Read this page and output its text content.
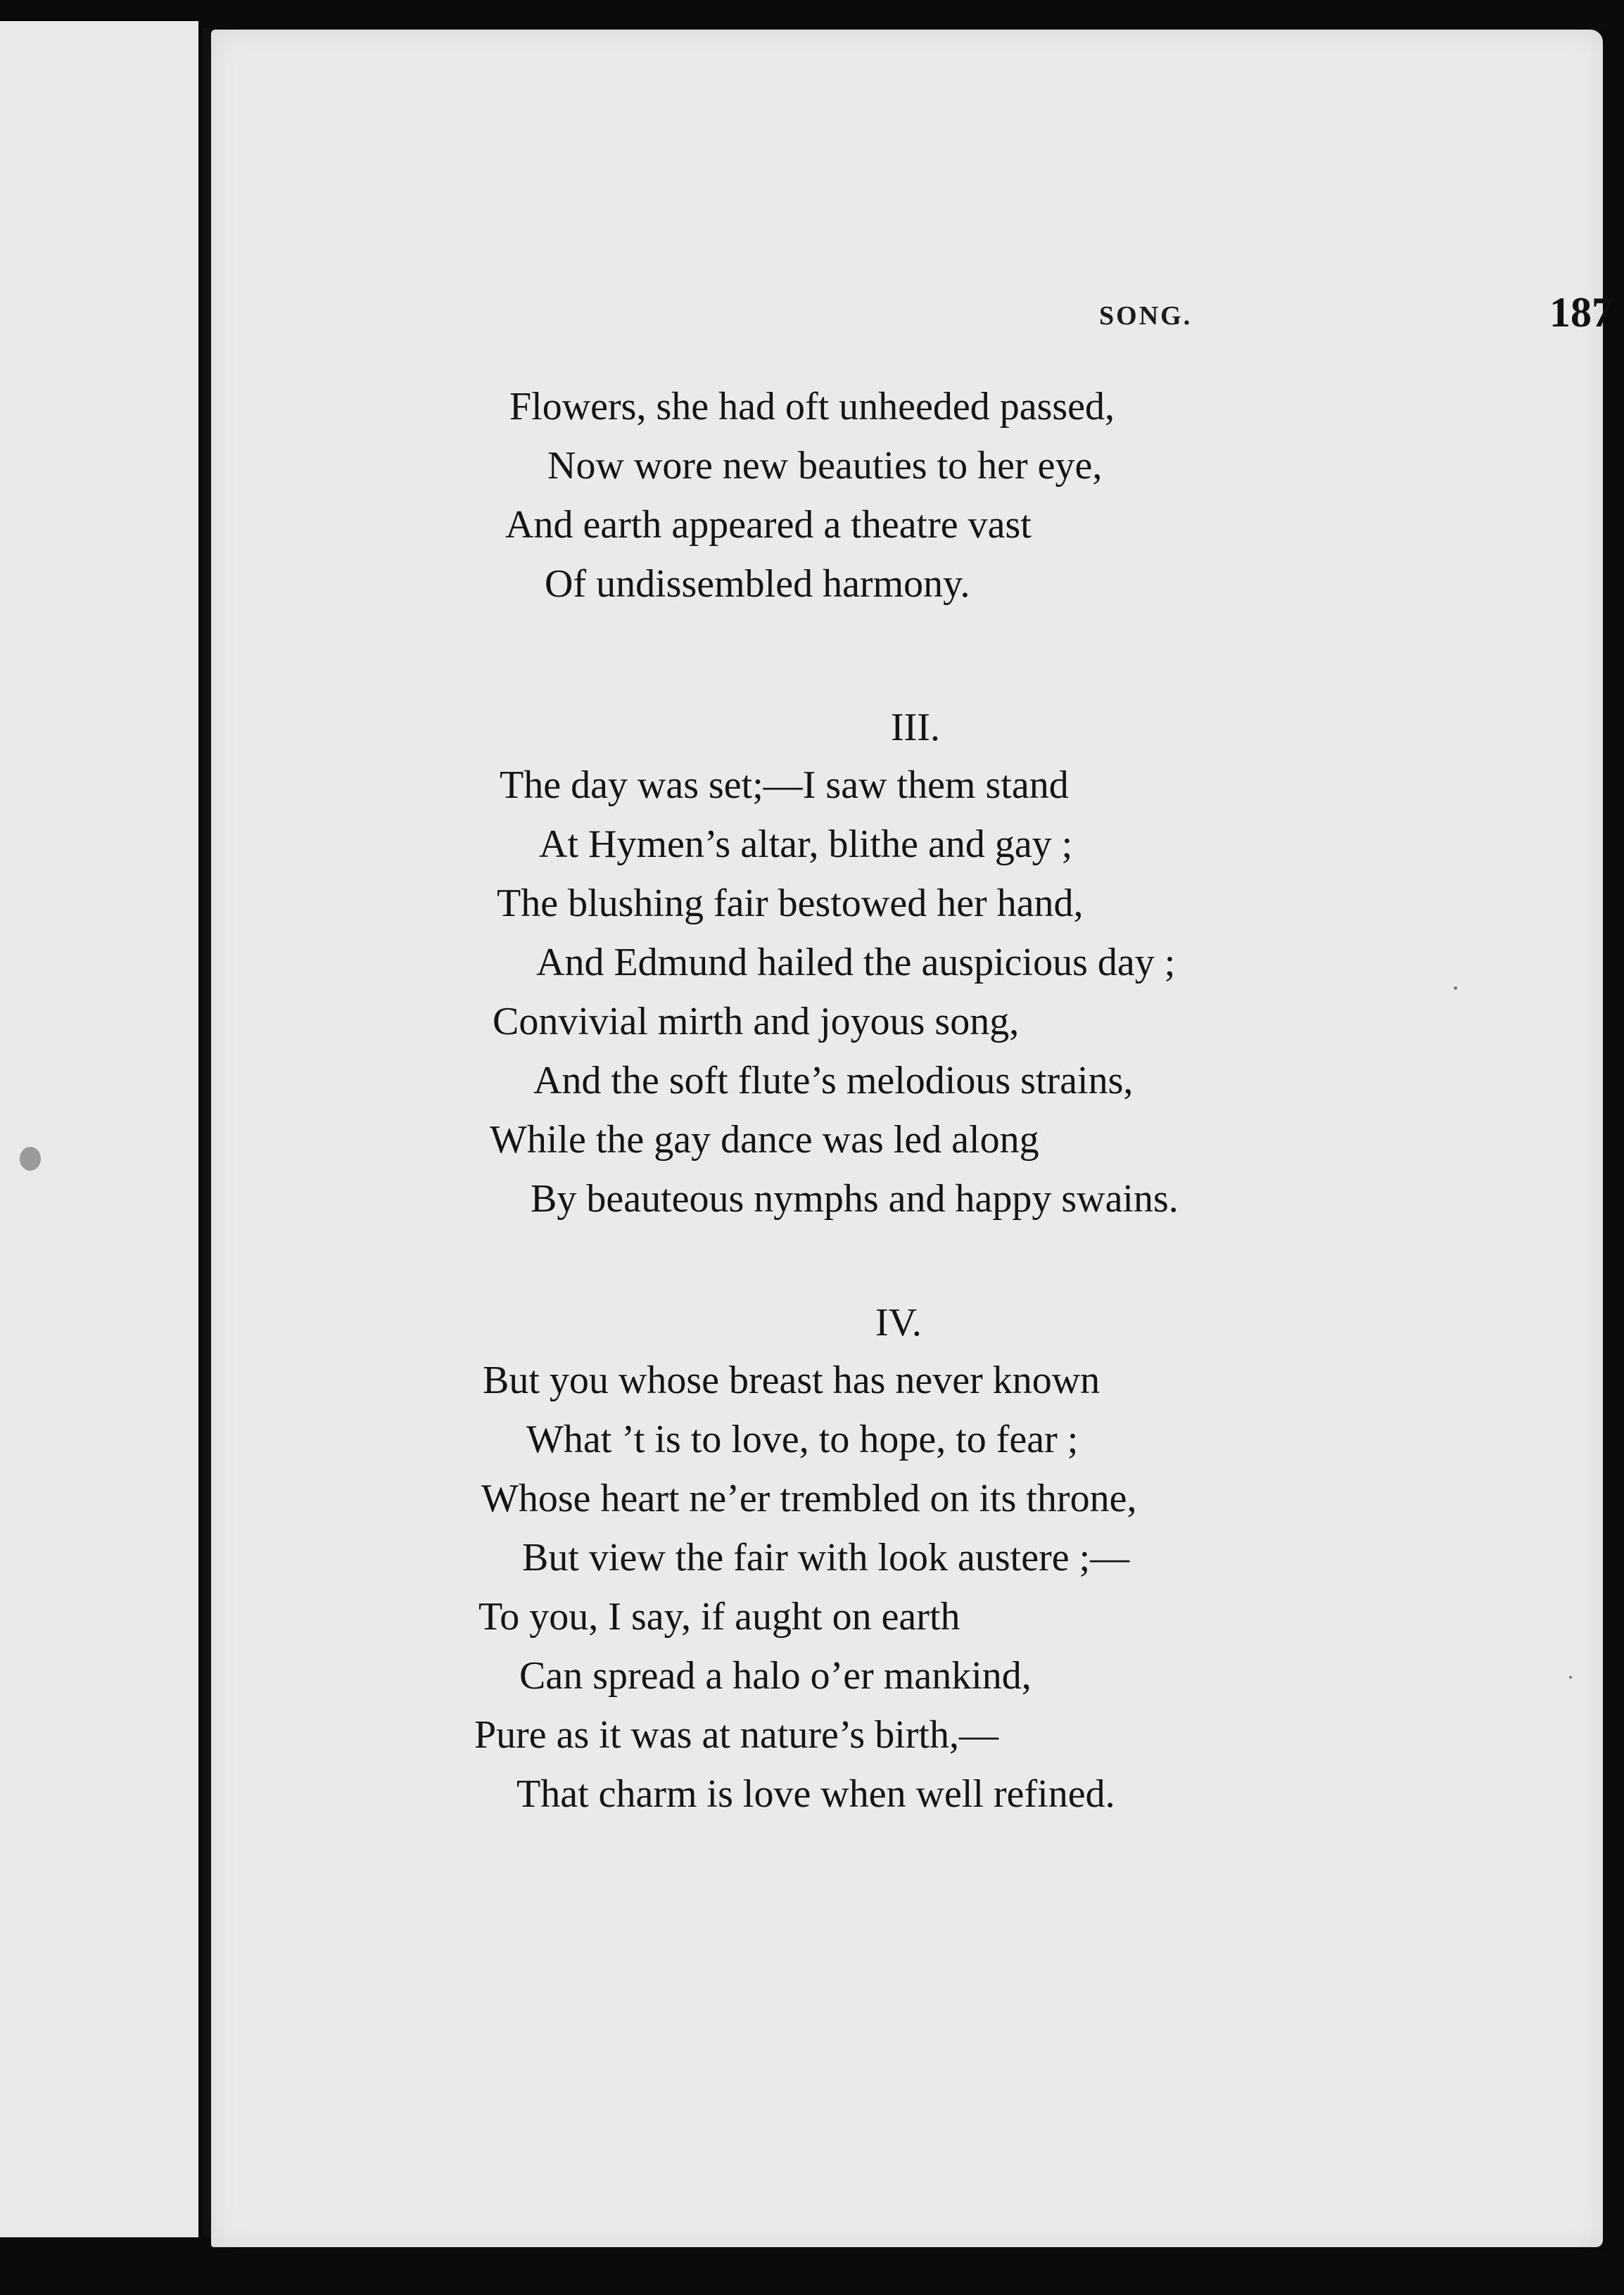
SONG.	187
Flowers, she had oft unheeded passed,
Now wore new beauties to her eye,
And earth appeared a theatre vast
Of undissembled harmony.
III.
The day was set;—I saw them stand
At Hymen’s altar, blithe and gay ;
The blushing fair bestowed her hand,
And Edmund hailed the auspicious day ;
Convivial mirth and joyous song,
And the soft flute’s melodious strains,
While the gay dance was led along
By beauteous nymphs and happy swains.
IV.
But you whose breast has never known
What ’t is to love, to hope, to fear ;
Whose heart ne’er trembled on its throne,
But view the fair with look austere ;—
To you, I say, if aught on earth
Can spread a halo o’er mankind,
Pure as it was at nature’s birth,—
That charm is love when well refined.
